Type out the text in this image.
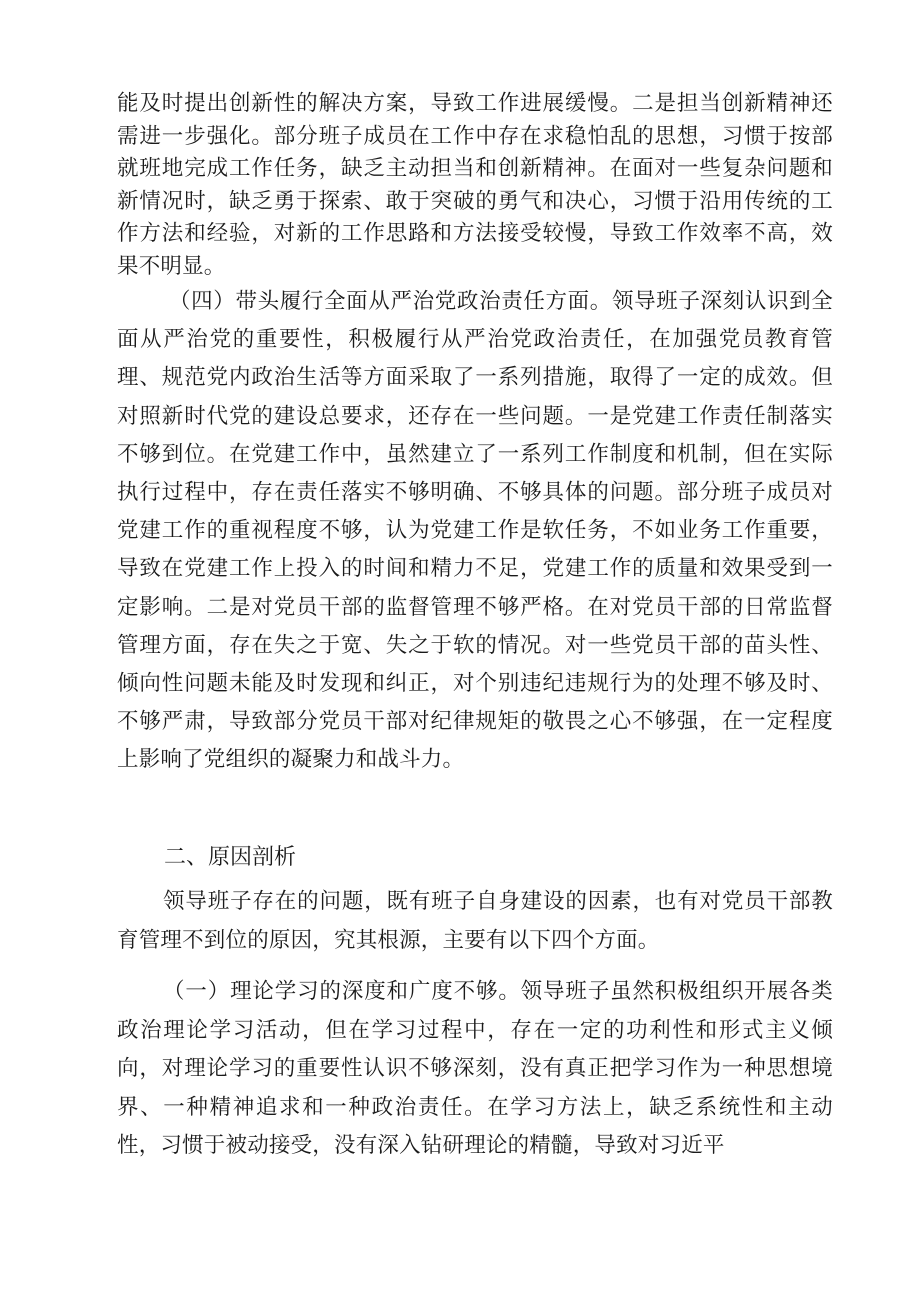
能及时提出创新性的解决方案，导致工作进展缓慢。二是担当创新精神还需进一步强化。部分班子成员在工作中存在求稳怕乱的思想，习惯于按部就班地完成工作任务，缺乏主动担当和创新精神。在面对一些复杂问题和新情况时，缺乏勇于探索、敢于突破的勇气和决心，习惯于沿用传统的工作方法和经验，对新的工作思路和方法接受较慢，导致工作效率不高，效果不明显。

（四）带头履行全面从严治党政治责任方面。领导班子深刻认识到全面从严治党的重要性，积极履行从严治党政治责任，在加强党员教育管理、规范党内政治生活等方面采取了一系列措施，取得了一定的成效。但对照新时代党的建设总要求，还存在一些问题。一是党建工作责任制落实不够到位。在党建工作中，虽然建立了一系列工作制度和机制，但在实际执行过程中，存在责任落实不够明确、不够具体的问题。部分班子成员对党建工作的重视程度不够，认为党建工作是软任务，不如业务工作重要，导致在党建工作上投入的时间和精力不足，党建工作的质量和效果受到一定影响。二是对党员干部的监督管理不够严格。在对党员干部的日常监督管理方面，存在失之于宽、失之于软的情况。对一些党员干部的苗头性、倾向性问题未能及时发现和纠正，对个别违纪违规行为的处理不够及时、不够严肃，导致部分党员干部对纪律规矩的敬畏之心不够强，在一定程度上影响了党组织的凝聚力和战斗力。

二、原因剖析

领导班子存在的问题，既有班子自身建设的因素，也有对党员干部教育管理不到位的原因，究其根源，主要有以下四个方面。

（一）理论学习的深度和广度不够。领导班子虽然积极组织开展各类政治理论学习活动，但在学习过程中，存在一定的功利性和形式主义倾向，对理论学习的重要性认识不够深刻，没有真正把学习作为一种思想境界、一种精神追求和一种政治责任。在学习方法上，缺乏系统性和主动性，习惯于被动接受，没有深入钻研理论的精髓，导致对习近平
